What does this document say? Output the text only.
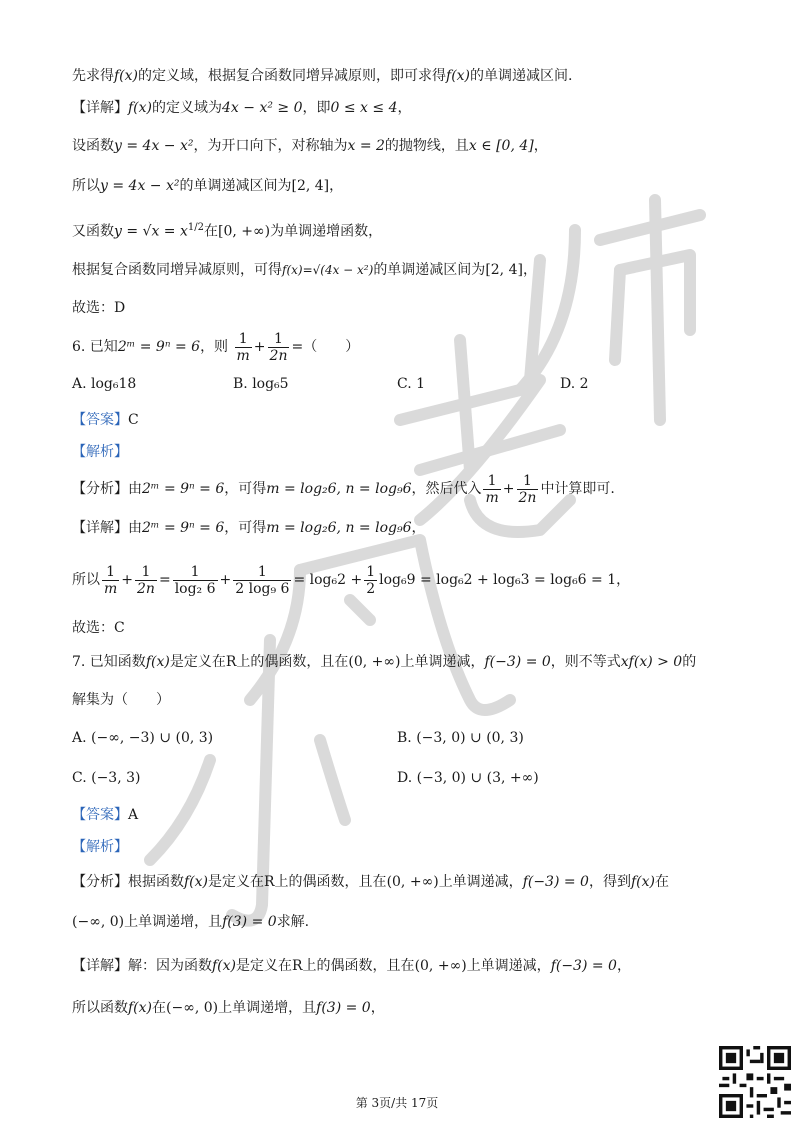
先求得f(x)的定义域，根据复合函数同增异减原则，即可求得f(x)的单调递减区间.
【详解】f(x)的定义域为4x − x² ≥ 0，即0 ≤ x ≤ 4，
设函数y = 4x − x²，为开口向下，对称轴为x = 2的抛物线，且x ∈ [0, 4]，
所以y = 4x − x²的单调递减区间为[2, 4]，
又函数$y = √x = x^{1/2}$在[0, +∞)为单调递增函数，
根据复合函数同增异减原则，可得f(x)=√(4x − x²)的单调递减区间为[2, 4]，
故选：D
6. 已知2ᵐ = 9ⁿ = 6，则 $\frac{1}{m} + \frac{1}{2n}$ =（　　）
A. log₆18	B. log₆5	C. 1	D. 2
【答案】C
【解析】
【分析】由2ᵐ = 9ⁿ = 6，可得m = log₂6, n = log₉6，然后代入 $\frac{1}{m} + \frac{1}{2n}$ 中计算即可.
【详解】由2ᵐ = 9ⁿ = 6，可得m = log₂6, n = log₉6，
所以 $\frac{1}{m} + \frac{1}{2n} = \frac{1}{\text{log₂ 6}} + \frac{1}{\text{2 log₉ 6}} = \log_62 + \frac{1}{2} \log_69 = \log_62 + \log_63 = \log_66 = 1$，
故选：C
7. 已知函数f(x)是定义在R上的偶函数，且在(0, +∞)上单调递减，f(−3) = 0，则不等式xf(x) > 0的
解集为（　　）
A. (−∞, −3) ∪ (0, 3)	B. (−3, 0) ∪ (0, 3)
C. (−3, 3)	D. (−3, 0) ∪ (3, +∞)
【答案】A
【解析】
【分析】根据函数f(x)是定义在R上的偶函数，且在(0, +∞)上单调递减，f(−3) = 0，得到f(x)在
(−∞, 0)上单调递增，且f(3) = 0求解.
【详解】解：因为函数f(x)是定义在R上的偶函数，且在(0, +∞)上单调递减，f(−3) = 0，
所以函数f(x)在(−∞, 0)上单调递增，且f(3) = 0，
第 3页/共 17页
